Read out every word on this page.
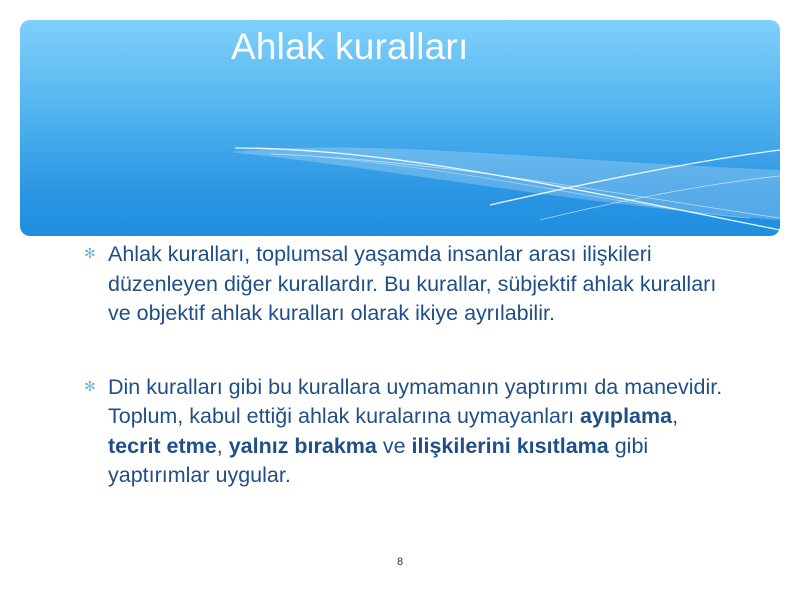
Ahlak kuralları
✻ Ahlak kuralları, toplumsal yaşamda insanlar arası ilişkileri düzenleyen diğer kurallardır. Bu kurallar, sübjektif ahlak kuralları ve objektif ahlak kuralları olarak ikiye ayrılabilir.
✻ Din kuralları gibi bu kurallara uymamanın yaptırımı da manevidir. Toplum, kabul ettiği ahlak kuralarına uymayanları ayıplama, tecrit etme, yalnız bırakma ve ilişkilerini kısıtlama gibi yaptırımlar uygular.
8
